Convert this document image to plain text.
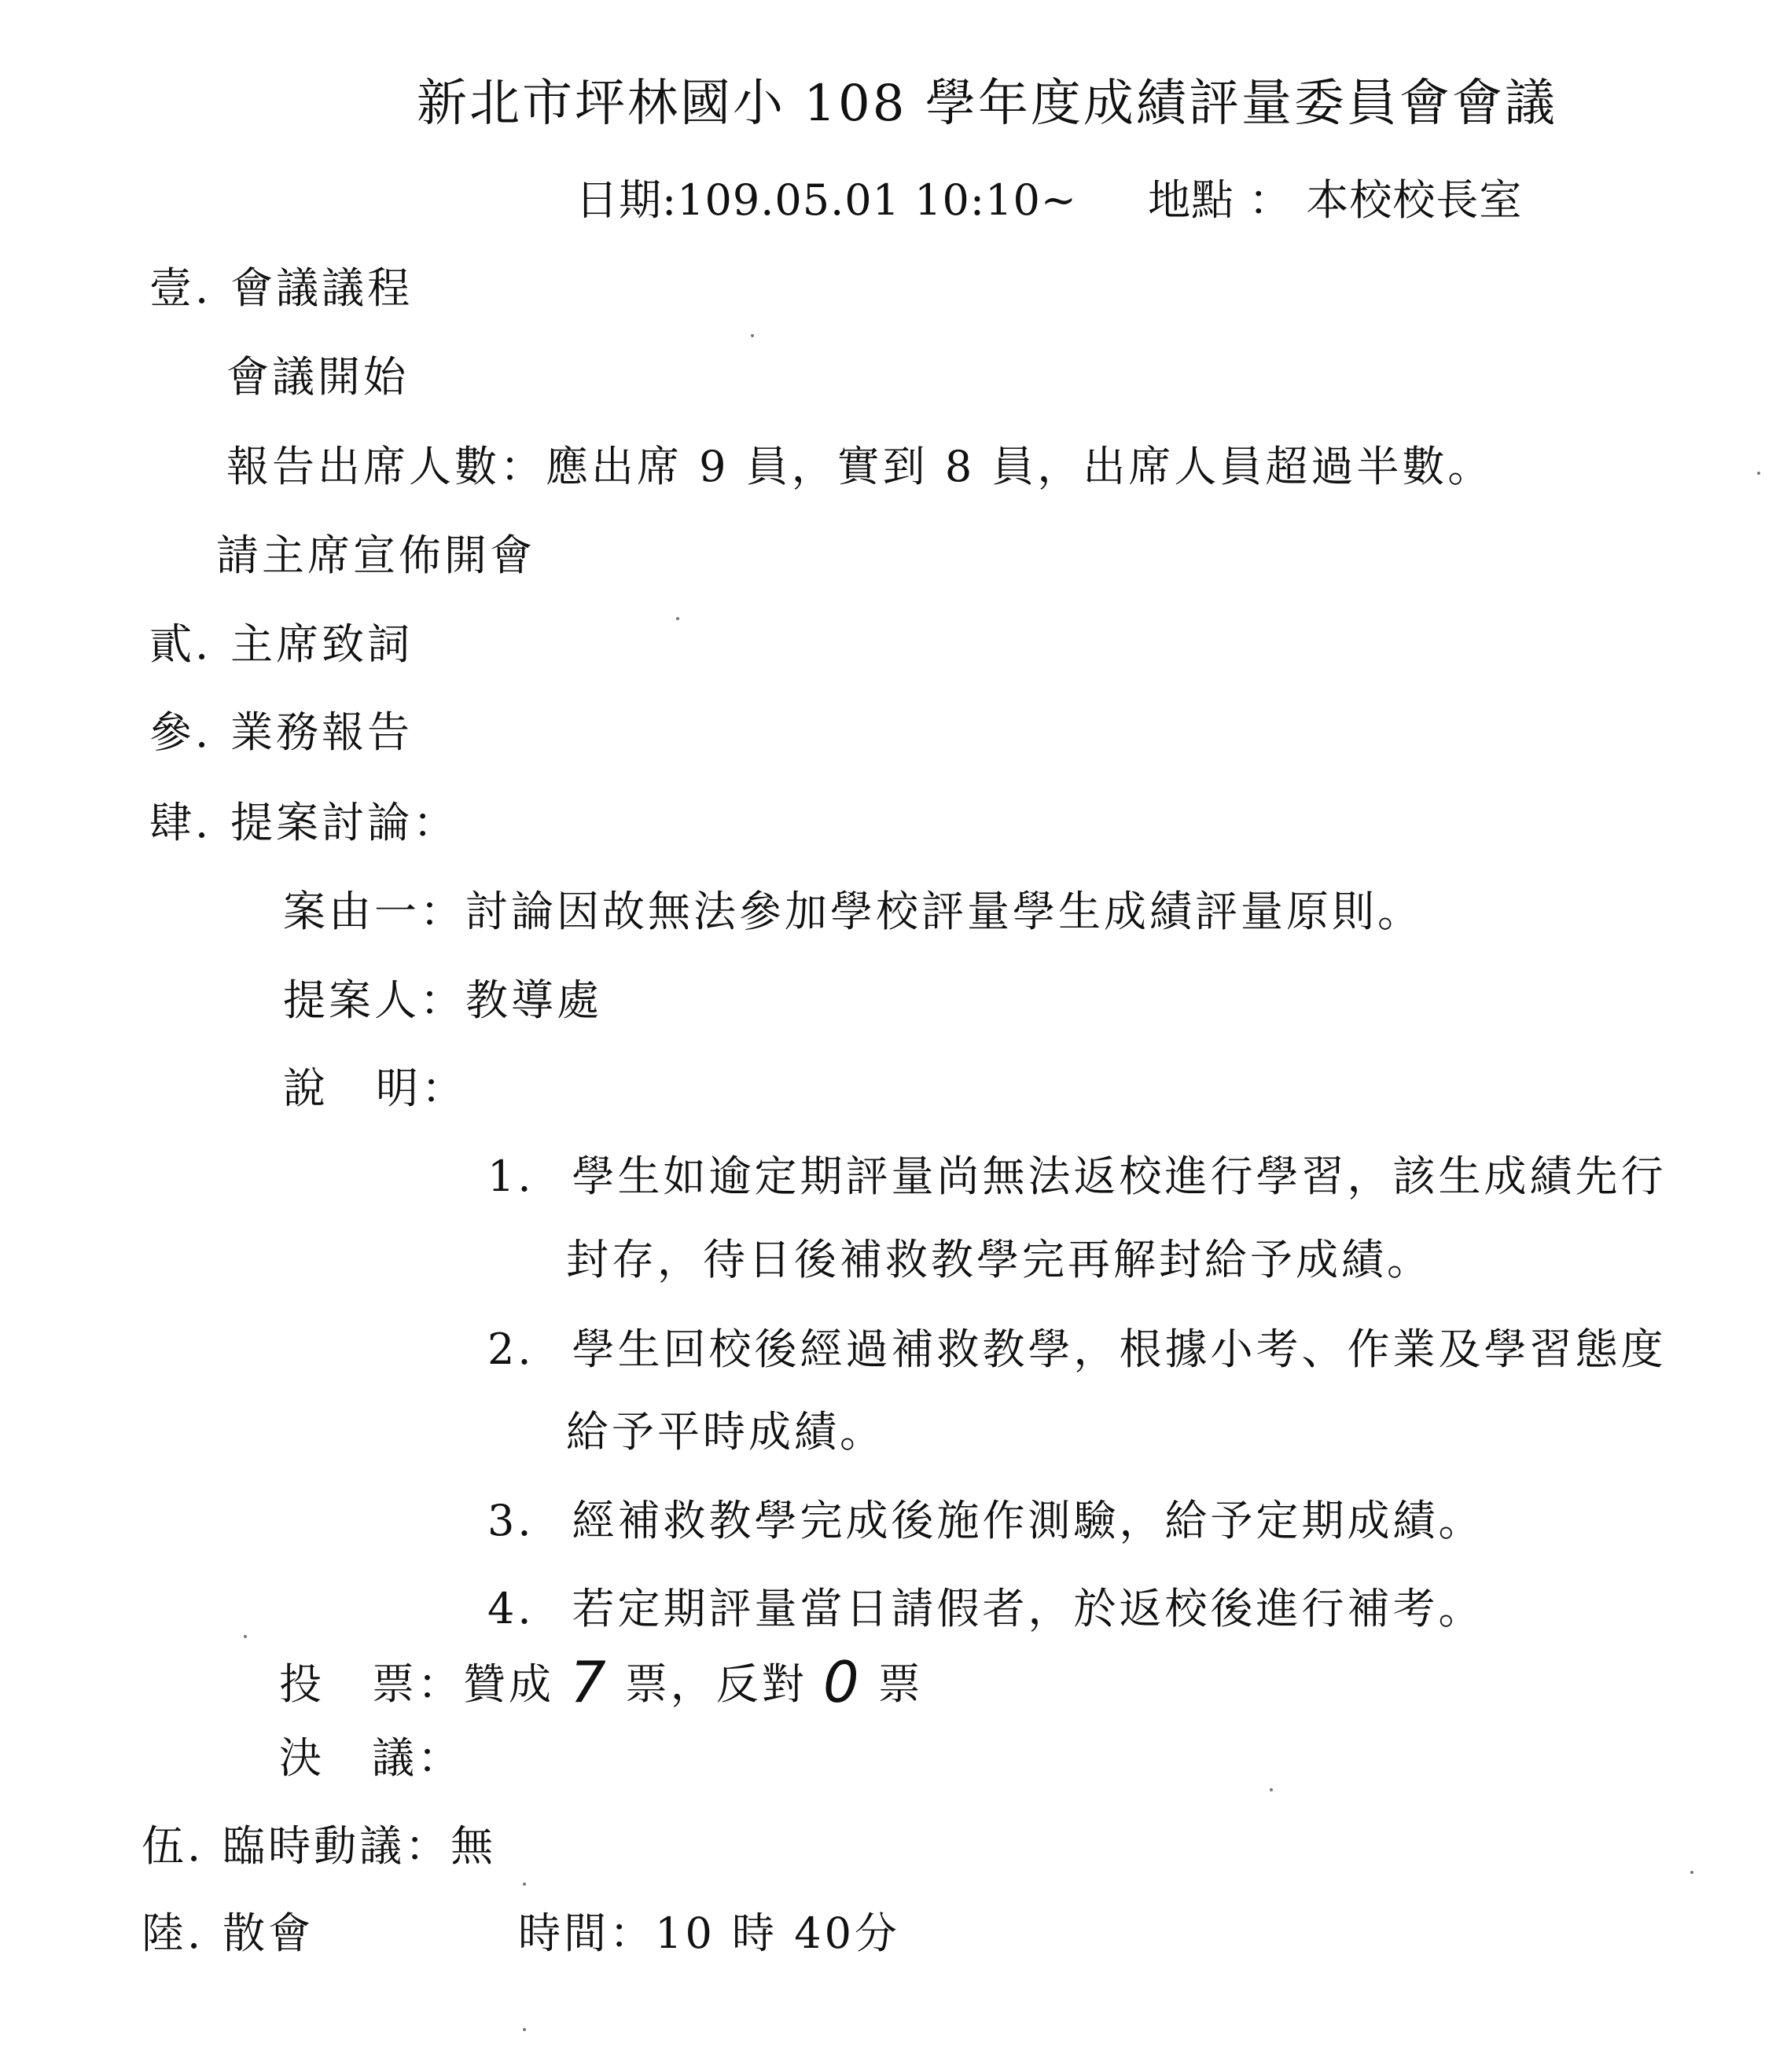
新北市坪林國小 108 學年度成績評量委員會會議
日期:109.05.01 10:10~ 地點 ： 本校校長室
壹. 會議議程
會議開始
報告出席人數：應出席 9 員，實到 8 員，出席人員超過半數。
請主席宣佈開會
貳. 主席致詞
參. 業務報告
肆. 提案討論：
案由一：討論因故無法參加學校評量學生成績評量原則。
提案人：教導處
說 明：
1. 學生如逾定期評量尚無法返校進行學習，該生成績先行
封存，待日後補救教學完再解封給予成績。
2. 學生回校後經過補救教學，根據小考、作業及學習態度
給予平時成績。
3. 經補救教學完成後施作測驗，給予定期成績。
4. 若定期評量當日請假者，於返校後進行補考。
投 票：贊成 7 票，反對 0 票
決 議：
伍. 臨時動議：無
陸. 散會	時間：10 時 40分
